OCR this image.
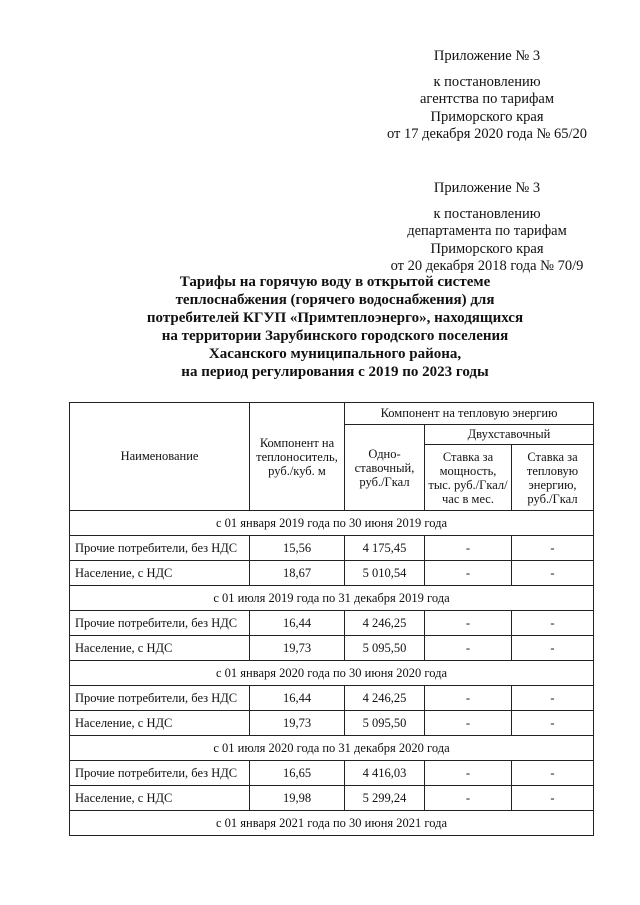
Приложение № 3
к постановлению
агентства по тарифам
Приморского края
от 17 декабря 2020 года № 65/20
Приложение № 3
к постановлению
департамента по тарифам
Приморского края
от 20 декабря 2018 года № 70/9
Тарифы на горячую воду в открытой системе
теплоснабжения (горячего водоснабжения) для
потребителей КГУП «Примтеплоэнерго», находящихся
на территории Зарубинского городского поселения
Хасанского муниципального района,
на период регулирования с 2019 по 2023 годы
Наименование	Компонент на теплоноситель, руб./куб. м	Компонент на тепловую энергию		
		Одно-ставочный, руб./Гкал	Двухставочный	
			Ставка за мощность, тыс. руб./Гкал/час в мес.	Ставка за тепловую энергию, руб./Гкал
с 01 января 2019 года по 30 июня 2019 года				
Прочие потребители, без НДС	15,56	4 175,45	-	-
Население, с НДС	18,67	5 010,54	-	-
с 01 июля 2019 года по 31 декабря 2019 года				
Прочие потребители, без НДС	16,44	4 246,25	-	-
Население, с НДС	19,73	5 095,50	-	-
с 01 января 2020 года по 30 июня 2020 года				
Прочие потребители, без НДС	16,44	4 246,25	-	-
Население, с НДС	19,73	5 095,50	-	-
с 01 июля 2020 года по 31 декабря 2020 года				
Прочие потребители, без НДС	16,65	4 416,03	-	-
Население, с НДС	19,98	5 299,24	-	-
с 01 января 2021 года по 30 июня 2021 года				
